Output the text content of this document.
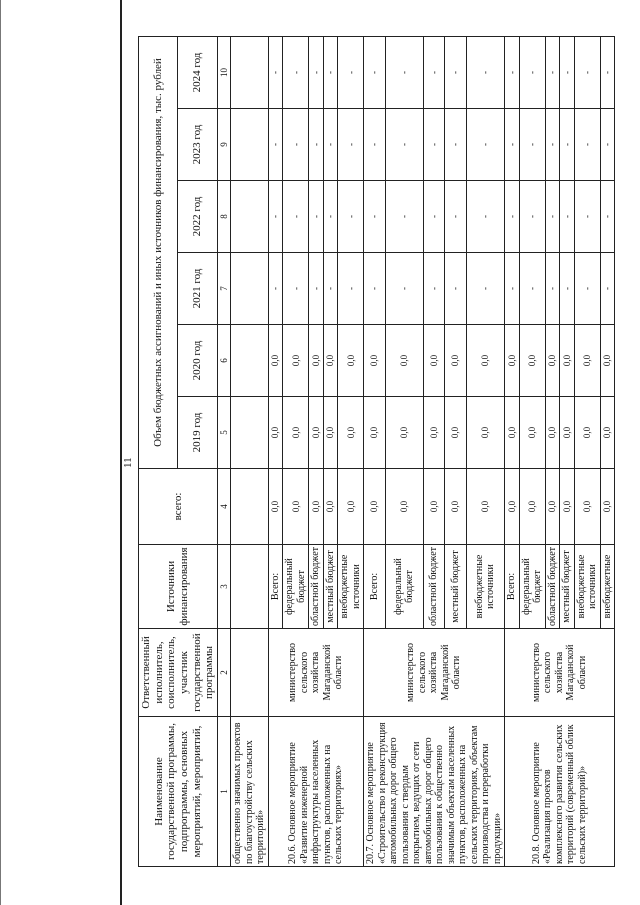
11
Наименование государственной программы, подпрограммы, основных мероприятий, мероприятий,	Ответственный исполнитель, соисполнитель, участник государственной программы	Источники финансирования	всего:	Объем бюджетных ассигнований и иных источников финансирования, тыс. рублей					
				2019 год	2020 год	2021 год	2022 год	2023 год	2024 год
1	2	3	4	5	6	7	8	9	10
общественно значимых проектов по благоустройству сельских территорий»									
20.6. Основное мероприятие «Развитие инженерной инфраструктуры населенных пунктов, расположенных на сельских территориях»	министерство сельского хозяйства Магаданской области	Всего:	0,0	0,0	0,0	-	-	-	-
		федеральный бюджет	0,0	0,0	0,0	-	-	-	-
		областной бюджет	0,0	0,0	0,0	-	-	-	-
		местный бюджет	0,0	0,0	0,0	-	-	-	-
		внебюджетные источники	0,0	0,0	0,0	-	-	-	-
20.7. Основное мероприятие «Строительство и реконструкция автомобильных дорог общего пользования с твердым покрытием, ведущих от сети автомобильных дорог общего пользования к общественно значимым объектам населенных пунктов, расположенных на сельских территориях, объектам производства и переработки продукции»	министерство сельского хозяйства Магаданской области	Всего:	0,0	0,0	0,0	-	-	-	-
		федеральный бюджет	0,0	0,0	0,0	-	-	-	-
		областной бюджет	0,0	0,0	0,0	-	-	-	-
		местный бюджет	0,0	0,0	0,0	-	-	-	-
		внебюджетные источники	0,0	0,0	0,0	-	-	-	-
20.8. Основное мероприятие «Реализация проектов комплексного развития сельских территорий (современный облик сельских территорий)»	министерство сельского хозяйства Магаданской области	Всего:	0,0	0,0	0,0	-	-	-	-
		федеральный бюджет	0,0	0,0	0,0	-	-	-	-
		областной бюджет	0,0	0,0	0,0	-	-	-	-
		местный бюджет	0,0	0,0	0,0	-	-	-	-
		внебюджетные источники	0,0	0,0	0,0	-	-	-	-
		внебюджетные	0,0	0,0	0,0	-	-	-	-
